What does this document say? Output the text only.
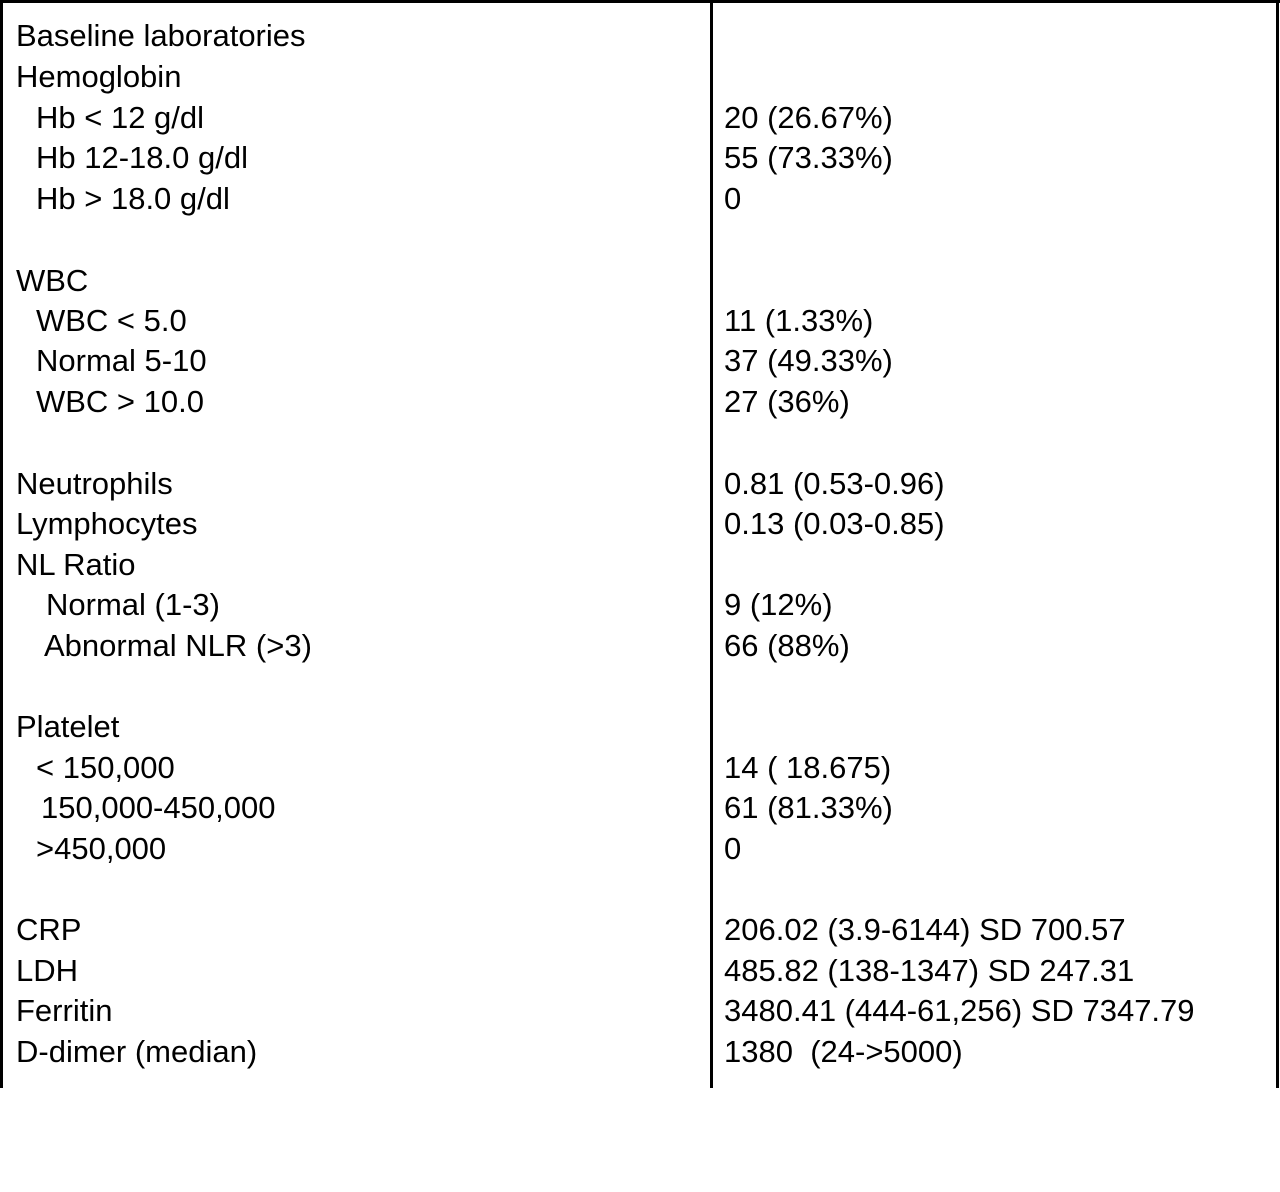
Baseline laboratories

Hemoglobin

Hb < 12 g/dl

	20 (26.67%)

Hb 12-18.0 g/dl

	55 (73.33%)

Hb > 18.0 g/dl

	0

WBC

WBC < 5.0

	11 (1.33%)

Normal 5-10

	37 (49.33%)

WBC > 10.0

	27 (36%)

Neutrophils

	0.81 (0.53-0.96)

Lymphocytes

	0.13 (0.03-0.85)

NL Ratio

Normal (1-3)

	9 (12%)

Abnormal NLR (>3)

	66 (88%)

Platelet

< 150,000

	14 ( 18.675)

150,000-450,000

	61 (81.33%)

>450,000

	0

CRP

	206.02 (3.9-6144) SD 700.57

LDH

	485.82 (138-1347) SD 247.31

Ferritin

	3480.41 (444-61,256) SD 7347.79

D-dimer (median)

	1380  (24->5000)
